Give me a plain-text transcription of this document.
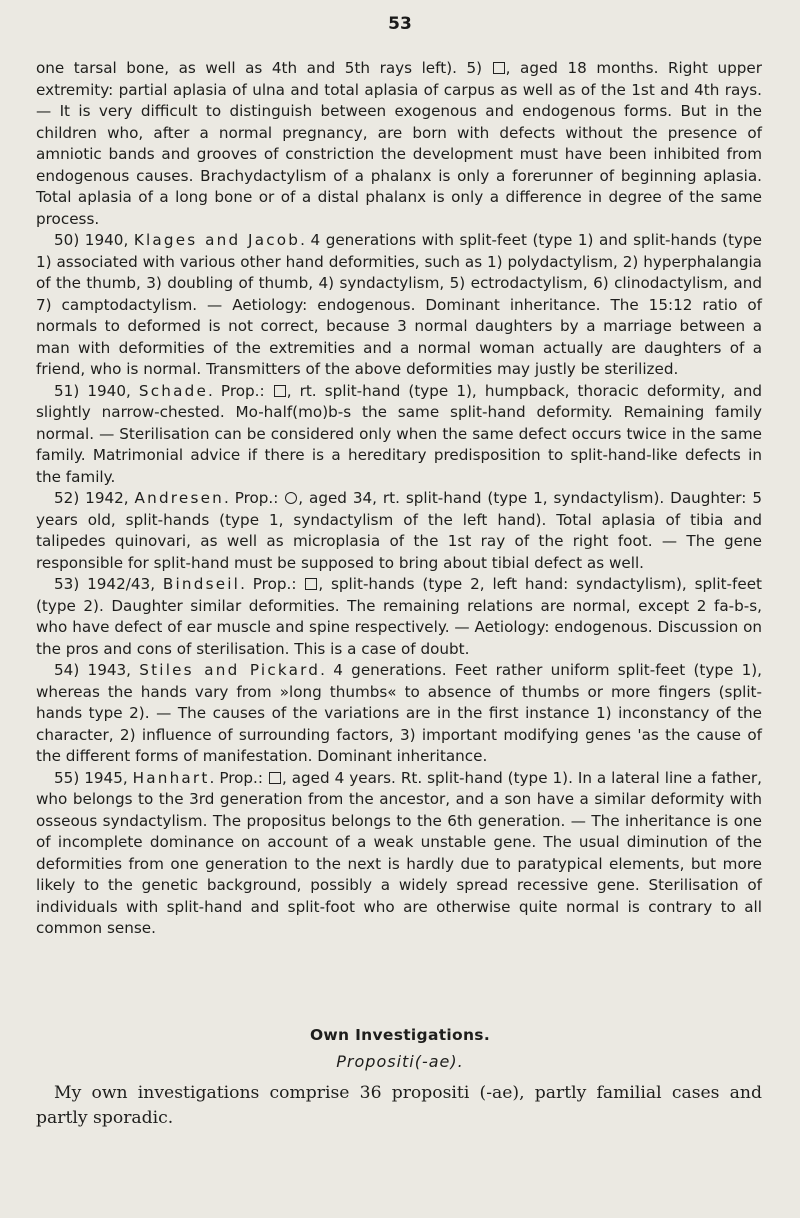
53

one tarsal bone, as well as 4th and 5th rays left). 5) , aged 18 months. Right upper extremity: partial aplasia of ulna and total aplasia of carpus as well as of the 1st and 4th rays. — It is very difficult to distinguish between exogenous and endogenous forms. But in the children who, after a normal pregnancy, are born with defects without the presence of amniotic bands and grooves of constriction the development must have been inhibited from endogenous causes. Brachydactylism of a phalanx is only a forerunner of beginning aplasia. Total aplasia of a long bone or of a distal phalanx is only a difference in degree of the same process.

50) 1940, Klages and Jacob. 4 generations with split-feet (type 1) and split-hands (type 1) associated with various other hand deformities, such as 1) polydactylism, 2) hyperphalangia of the thumb, 3) doubling of thumb, 4) syndactylism, 5) ectrodactylism, 6) clinodactylism, and 7) camptodactylism. — Aetiology: endogenous. Dominant inheritance. The 15:12 ratio of normals to deformed is not correct, because 3 normal daughters by a marriage between a man with deformities of the extremities and a normal woman actually are daughters of a friend, who is normal. Transmitters of the above deformities may justly be sterilized.

51) 1940, Schade. Prop.: , rt. split-hand (type 1), humpback, thoracic deformity, and slightly narrow-chested. Mo-half(mo)b-s the same split-hand deformity. Remaining family normal. — Sterilisation can be considered only when the same defect occurs twice in the same family. Matrimonial advice if there is a hereditary predisposition to split-hand-like defects in the family.

52) 1942, Andresen. Prop.: , aged 34, rt. split-hand (type 1, syndactylism). Daughter: 5 years old, split-hands (type 1, syndactylism of the left hand). Total aplasia of tibia and talipedes quinovari, as well as microplasia of the 1st ray of the right foot. — The gene responsible for split-hand must be supposed to bring about tibial defect as well.

53) 1942/43, Bindseil. Prop.: , split-hands (type 2, left hand: syndactylism), split-feet (type 2). Daughter similar deformities. The remaining relations are normal, except 2 fa-b-s, who have defect of ear muscle and spine respectively. — Aetiology: endogenous. Discussion on the pros and cons of sterilisation. This is a case of doubt.

54) 1943, Stiles and Pickard. 4 generations. Feet rather uniform split-feet (type 1), whereas the hands vary from »long thumbs« to absence of thumbs or more fingers (split-hands type 2). — The causes of the variations are in the first instance 1) inconstancy of the character, 2) influence of surrounding factors, 3) important modifying genes 'as the cause of the different forms of manifestation. Dominant inheritance.

55) 1945, Hanhart. Prop.: , aged 4 years. Rt. split-hand (type 1). In a lateral line a father, who belongs to the 3rd generation from the ancestor, and a son have a similar deformity with osseous syndactylism. The propositus belongs to the 6th generation. — The inheritance is one of incomplete dominance on account of a weak unstable gene. The usual diminution of the deformities from one generation to the next is hardly due to paratypical elements, but more likely to the genetic background, possibly a widely spread recessive gene. Sterilisation of individuals with split-hand and split-foot who are otherwise quite normal is contrary to all common sense.

Own Investigations.
Propositi(-ae).
My own investigations comprise 36 propositi (-ae), partly familial cases and partly sporadic.
